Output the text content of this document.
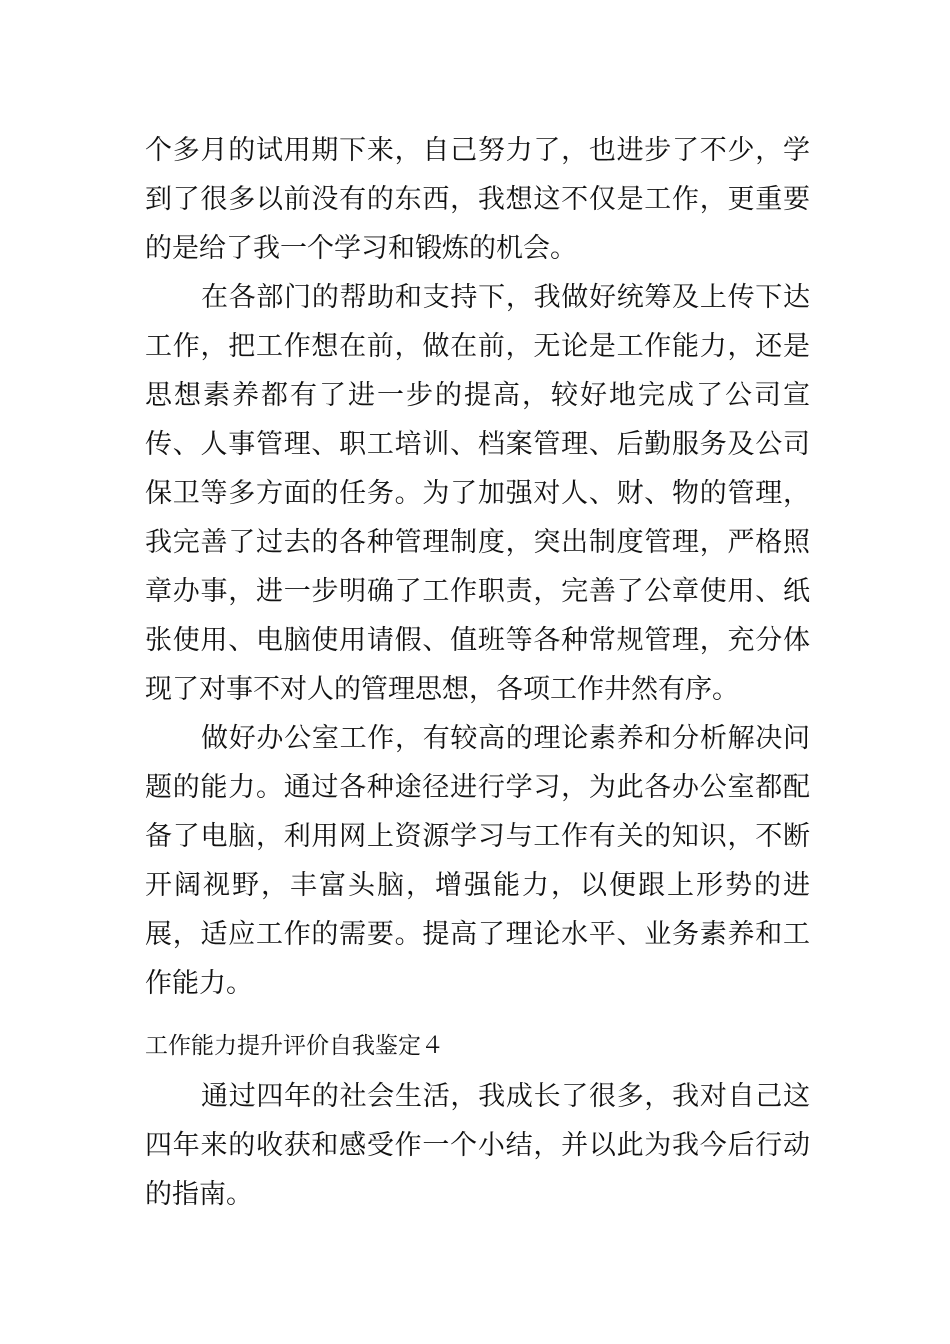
个多月的试用期下来，自己努力了，也进步了不少，学到了很多以前没有的东西，我想这不仅是工作，更重要的是给了我一个学习和锻炼的机会。

在各部门的帮助和支持下，我做好统筹及上传下达工作，把工作想在前，做在前，无论是工作能力，还是思想素养都有了进一步的提高，较好地完成了公司宣传、人事管理、职工培训、档案管理、后勤服务及公司保卫等多方面的任务。为了加强对人、财、物的管理，我完善了过去的各种管理制度，突出制度管理，严格照章办事，进一步明确了工作职责，完善了公章使用、纸张使用、电脑使用请假、值班等各种常规管理，充分体现了对事不对人的管理思想，各项工作井然有序。

做好办公室工作，有较高的理论素养和分析解决问题的能力。通过各种途径进行学习，为此各办公室都配备了电脑，利用网上资源学习与工作有关的知识，不断开阔视野，丰富头脑，增强能力，以便跟上形势的进展，适应工作的需要。提高了理论水平、业务素养和工作能力。

工作能力提升评价自我鉴定４

通过四年的社会生活，我成长了很多，我对自己这四年来的收获和感受作一个小结，并以此为我今后行动的指南。
